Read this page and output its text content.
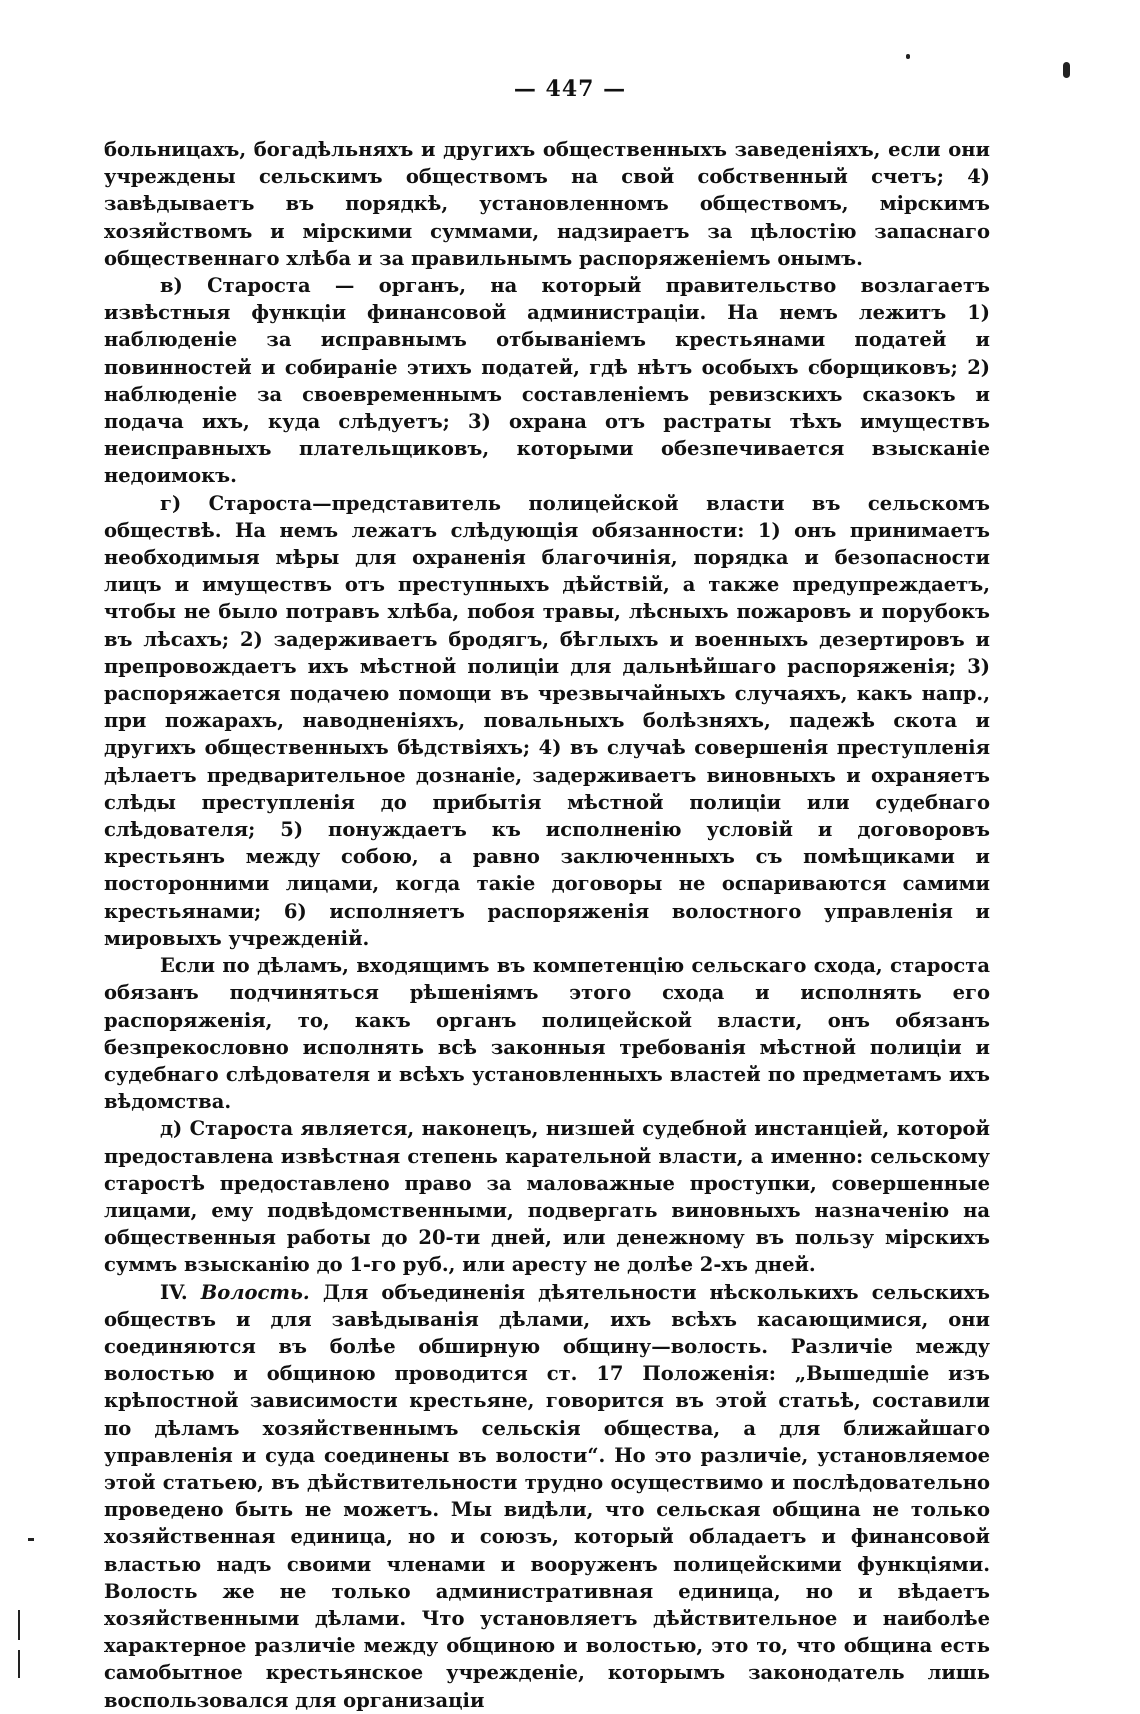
— 447 —

больницахъ, богадѣльняхъ и другихъ общественныхъ заведеніяхъ, если они учреждены сельскимъ обществомъ на свой собственный счетъ; 4) завѣдываетъ въ порядкѣ, установленномъ обществомъ, мірскимъ хозяйствомъ и мірскими суммами, надзираетъ за цѣлостію запаснаго общественнаго хлѣба и за правильнымъ распоряженіемъ онымъ.

в) Староста — органъ, на который правительство возлагаетъ извѣстныя функціи финансовой администраціи. На немъ лежитъ 1) наблюденіе за исправнымъ отбываніемъ крестьянами податей и повинностей и собираніе этихъ податей, гдѣ нѣтъ особыхъ сборщиковъ; 2) наблюденіе за своевременнымъ составленіемъ ревизскихъ сказокъ и подача ихъ, куда слѣдуетъ; 3) охрана отъ растраты тѣхъ имуществъ неисправныхъ плательщиковъ, которыми обезпечивается взысканіе недоимокъ.

г) Староста—представитель полицейской власти въ сельскомъ обществѣ. На немъ лежатъ слѣдующія обязанности: 1) онъ принимаетъ необходимыя мѣры для охраненія благочинія, порядка и безопасности лицъ и имуществъ отъ преступныхъ дѣйствій, а также предупреждаетъ, чтобы не было потравъ хлѣба, побоя травы, лѣсныхъ пожаровъ и порубокъ въ лѣсахъ; 2) задерживаетъ бродягъ, бѣглыхъ и военныхъ дезертировъ и препровождаетъ ихъ мѣстной полиціи для дальнѣйшаго распоряженія; 3) распоряжается подачею помощи въ чрезвычайныхъ случаяхъ, какъ напр., при пожарахъ, наводненіяхъ, повальныхъ болѣзняхъ, падежѣ скота и другихъ общественныхъ бѣдствіяхъ; 4) въ случаѣ совершенія преступленія дѣлаетъ предварительное дознаніе, задерживаетъ виновныхъ и охраняетъ слѣды преступленія до прибытія мѣстной полиціи или судебнаго слѣдователя; 5) понуждаетъ къ исполненію условій и договоровъ крестьянъ между собою, а равно заключенныхъ съ помѣщиками и посторонними лицами, когда такіе договоры не оспариваются самими крестьянами; 6) исполняетъ распоряженія волостного управленія и мировыхъ учрежденій.

Если по дѣламъ, входящимъ въ компетенцію сельскаго схода, староста обязанъ подчиняться рѣшеніямъ этого схода и исполнять его распоряженія, то, какъ органъ полицейской власти, онъ обязанъ безпрекословно исполнять всѣ законныя требованія мѣстной полиціи и судебнаго слѣдователя и всѣхъ установленныхъ властей по предметамъ ихъ вѣдомства.

д) Староста является, наконецъ, низшей судебной инстанціей, которой предоставлена извѣстная степень карательной власти, а именно: сельскому старостѣ предоставлено право за маловажные проступки, совершенные лицами, ему подвѣдомственными, подвергать виновныхъ назначенію на общественныя работы до 20-ти дней, или денежному въ пользу мірскихъ суммъ взысканію до 1-го руб., или аресту не долѣе 2-хъ дней.

IV. Волость. Для объединенія дѣятельности нѣсколькихъ сельскихъ обществъ и для завѣдыванія дѣлами, ихъ всѣхъ касающимися, они соединяются въ болѣе обширную общину—волость. Различіе между волостью и общиною проводится ст. 17 Положенія: „Вышедшіе изъ крѣпостной зависимости крестьяне, говорится въ этой статьѣ, составили по дѣламъ хозяйственнымъ сельскія общества, а для ближайшаго управленія и суда соединены въ волости“. Но это различіе, установляемое этой статьею, въ дѣйствительности трудно осуществимо и послѣдовательно проведено быть не можетъ. Мы видѣли, что сельская община не только хозяйственная единица, но и союзъ, который обладаетъ и финансовой властью надъ своими членами и вооруженъ полицейскими функціями. Волость же не только административная единица, но и вѣдаетъ хозяйственными дѣлами. Что установляетъ дѣйствительное и наиболѣе характерное различіе между общиною и волостью, это то, что община есть самобытное крестьянское учрежденіе, которымъ законодатель лишь воспользовался для организаціи
